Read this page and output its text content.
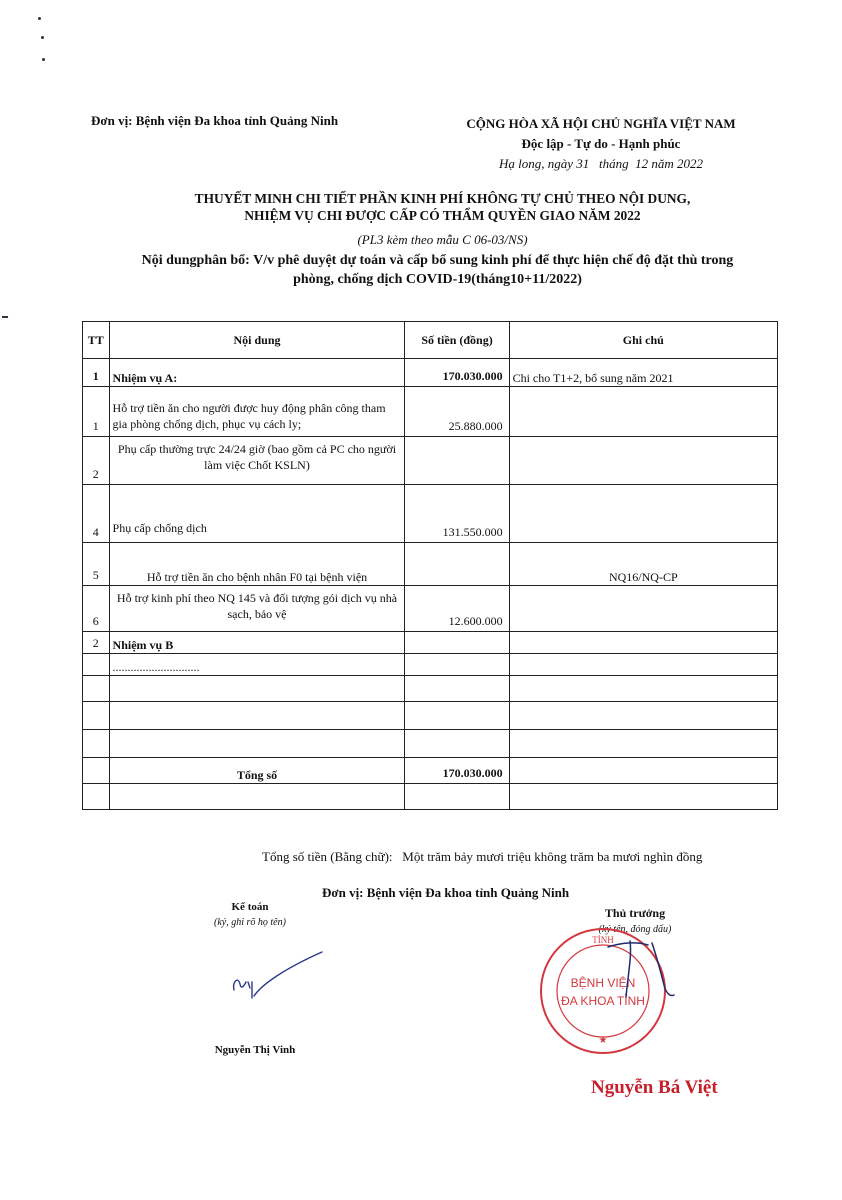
Đơn vị: Bệnh viện Đa khoa tỉnh Quảng Ninh	CỘNG HÒA XÃ HỘI CHỦ NGHĨA VIỆT NAM
Độc lập - Tự do - Hạnh phúc
Hạ long, ngày 31   tháng  12 năm 2022
THUYẾT MINH CHI TIẾT PHẦN KINH PHÍ KHÔNG TỰ CHỦ THEO NỘI DUNG,
NHIỆM VỤ CHI ĐƯỢC CẤP CÓ THẨM QUYỀN GIAO NĂM 2022
(PL3 kèm theo mẫu C 06-03/NS)
Nội dungphân bổ: V/v phê duyệt dự toán và cấp bổ sung kinh phí để thực hiện chế độ đặt thù trong
phòng, chống dịch COVID-19(tháng10+11/2022)
TT	Nội dung	Số tiền (đồng)	Ghi chú
1	Nhiệm vụ A:	170.030.000	Chi cho T1+2, bổ sung năm 2021
1	Hỗ trợ tiền ăn cho người được huy động phân công tham gia phòng chống dịch, phục vụ cách ly;	25.880.000	
2	Phụ cấp thường trực 24/24 giờ (bao gồm cả PC cho người làm việc Chốt KSLN)		
4	Phụ cấp chống dịch	131.550.000	
5	Hỗ trợ tiền ăn cho bệnh nhân F0 tại bệnh viện		NQ16/NQ-CP
6	Hỗ trợ kinh phí theo NQ 145 và đối tượng gói dịch vụ nhà sạch, bảo vệ	12.600.000	
2	Nhiệm vụ B		
	.............................		

	Tổng số	170.030.000	

Tổng số tiền (Bằng chữ):   Một trăm bảy mươi triệu không trăm ba mươi nghìn đồng
Đơn vị: Bệnh viện Đa khoa tỉnh Quảng Ninh
Kế toán
(ký, ghi rõ họ tên)
Nguyễn Thị Vinh
Thủ trưởng
(ký tên, đóng dấu)
TỈNH
BỆNH VIỆN
ĐA KHOA TỈNH
★
Nguyễn Bá Việt
